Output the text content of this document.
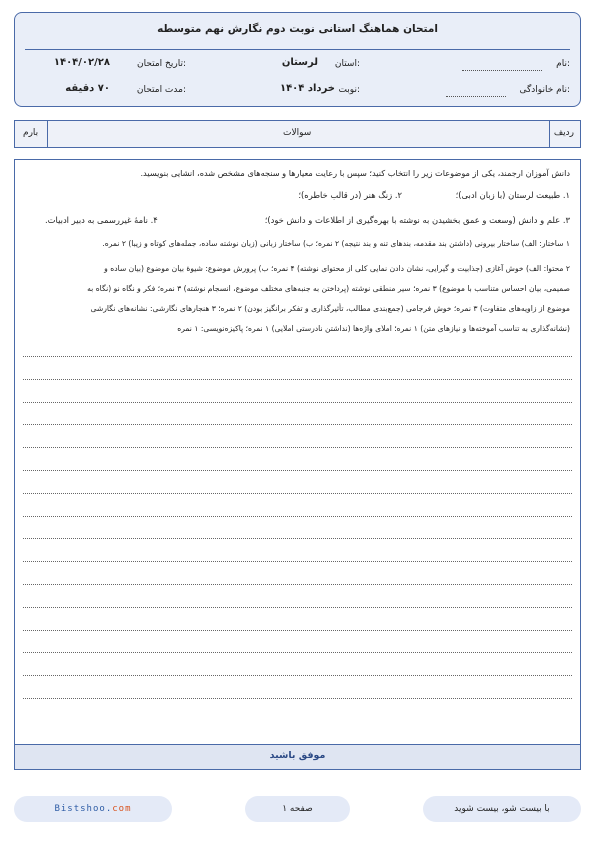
امتحان هماهنگ استانی نوبت دوم نگارش نهم متوسطه
نام:
نام خانوادگی:
استان:
لرستان
نوبت:
خرداد ۱۴۰۴
تاریخ امتحان:
۱۴۰۴/۰۲/۲۸
مدت امتحان:
۷۰ دقیقه
ردیف
سوالات
بارم
دانش آموزان ارجمند، یکی از موضوعات زیر را انتخاب کنید؛ سپس با رعایت معیارها و سنجه‌های مشخص شده، انشایی بنویسید.
۱. طبیعت لرستان (با زبان ادبی)؛
۲. زنگ هنر (در قالب خاطره)؛
۳. علم و دانش (وسعت و عمق بخشیدن به نوشته با بهره‌گیری از اطلاعات و دانش خود)؛
۴. نامهٔ غیررسمی به دبیر ادبیات.
۱ ساختار: الف) ساختار بیرونی (داشتن بند مقدمه، بندهای تنه و بند نتیجه) ۲ نمره؛ ب) ساختار زبانی (زبان نوشته ساده، جمله‌های کوتاه و زیبا) ۲ نمره.
۲ محتوا: الف) خوش آغازی (جذابیت و گیرایی، نشان دادن نمایی کلی از محتوای نوشته) ۴ نمره؛ ب) پرورش موضوع: شیوهٔ بیان موضوع (بیان ساده و
صمیمی، بیان احساس متناسب با موضوع) ۳ نمره؛ سیر منطقی نوشته (پرداختن به جنبه‌های مختلف موضوع، انسجام نوشته) ۳ نمره؛ فکر و نگاه نو (نگاه به
موضوع از زاویه‌های متفاوت) ۳ نمره؛ خوش فرجامی (جمع‌بندی مطالب، تأثیرگذاری و تفکر برانگیز بودن) ۲ نمره؛ ۳ هنجارهای نگارشی: نشانه‌های نگارشی
(نشانه‌گذاری به تناسب آموخته‌ها و نیازهای متن) ۱ نمره؛ املای واژه‌ها (نداشتن نادرستی املایی) ۱ نمره؛ پاکیزه‌نویسی: ۱ نمره
موفق باشید
Bistshoo.com	صفحه ۱	با بیست شو، بیست شوید
